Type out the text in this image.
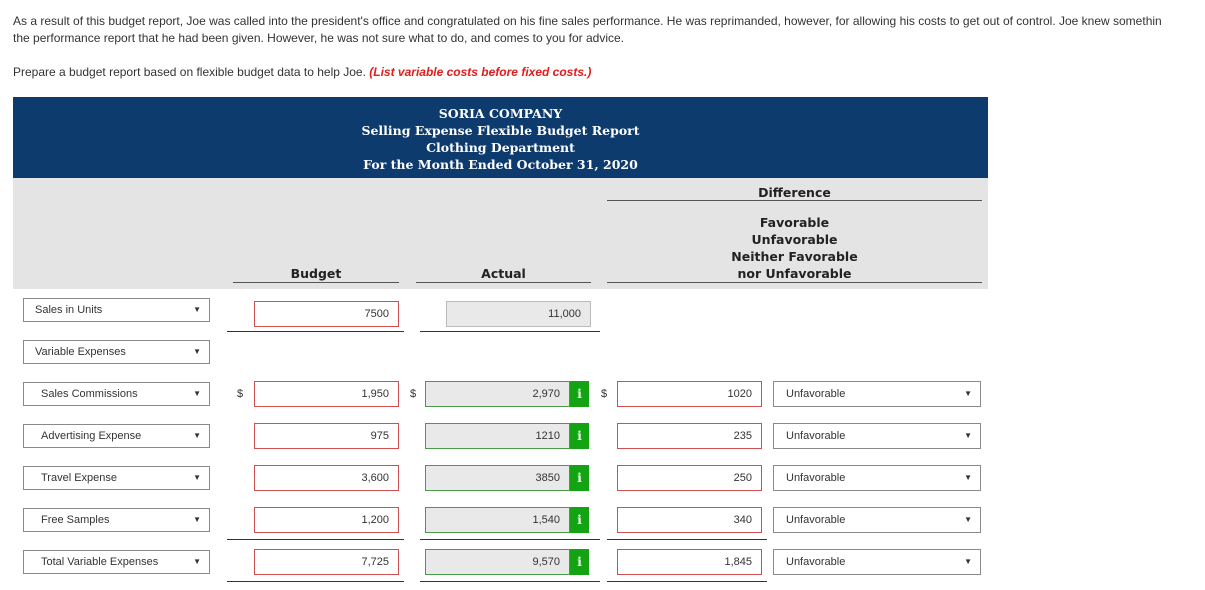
As a result of this budget report, Joe was called into the president's office and congratulated on his fine sales performance. He was reprimanded, however, for allowing his costs to get out of control. Joe knew somethin

the performance report that he had been given. However, he was not sure what to do, and comes to you for advice.

Prepare a budget report based on flexible budget data to help Joe. (List variable costs before fixed costs.)
SORIA COMPANY
Selling Expense Flexible Budget Report
Clothing Department
For the Month Ended October 31, 2020
Difference
Favorable
Unfavorable
Neither Favorable
nor Unfavorable
Budget	Actual
Sales in Units	▼	7500	11,000
Variable Expenses	▼
Sales Commissions	▼	$	1,950	$	2,970	i	$	1020	Unfavorable	▼
Advertising Expense	▼	975	1210	i	235	Unfavorable	▼
Travel Expense	▼	3,600	3850	i	250	Unfavorable	▼
Free Samples	▼	1,200	1,540	i	340	Unfavorable	▼
Total Variable Expenses	▼	7,725	9,570	i	1,845	Unfavorable	▼
